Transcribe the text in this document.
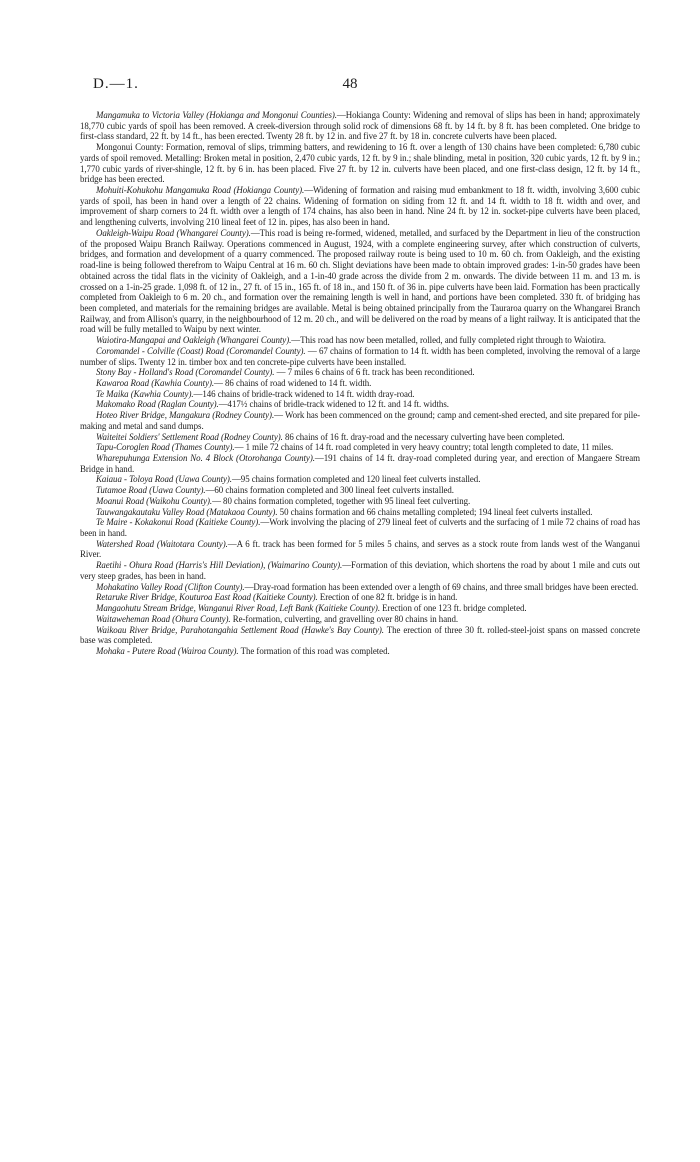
D.—1.	48

Mangamuka to Victoria Valley (Hokianga and Mongonui Counties).—Hokianga County: Widening and removal of slips has been in hand; approximately 18,770 cubic yards of spoil has been removed. A creek-diversion through solid rock of dimensions 68 ft. by 14 ft. by 8 ft. has been completed. One bridge to first-class standard, 22 ft. by 14 ft., has been erected. Twenty 28 ft. by 12 in. and five 27 ft. by 18 in. concrete culverts have been placed.

Mongonui County: Formation, removal of slips, trimming batters, and rewidening to 16 ft. over a length of 130 chains have been completed: 6,780 cubic yards of spoil removed. Metalling: Broken metal in position, 2,470 cubic yards, 12 ft. by 9 in.; shale blinding, metal in position, 320 cubic yards, 12 ft. by 9 in.; 1,770 cubic yards of river-shingle, 12 ft. by 6 in. has been placed. Five 27 ft. by 12 in. culverts have been placed, and one first-class design, 12 ft. by 14 ft., bridge has been erected.

Mohuiti-Kohukohu Mangamuka Road (Hokianga County).—Widening of formation and raising mud embankment to 18 ft. width, involving 3,600 cubic yards of spoil, has been in hand over a length of 22 chains. Widening of formation on siding from 12 ft. and 14 ft. width to 18 ft. width and over, and improvement of sharp corners to 24 ft. width over a length of 174 chains, has also been in hand. Nine 24 ft. by 12 in. socket-pipe culverts have been placed, and lengthening culverts, involving 210 lineal feet of 12 in. pipes, has also been in hand.

Oakleigh-Waipu Road (Whangarei County).—This road is being re-formed, widened, metalled, and surfaced by the Department in lieu of the construction of the proposed Waipu Branch Railway. Operations commenced in August, 1924, with a complete engineering survey, after which construction of culverts, bridges, and formation and development of a quarry commenced. The proposed railway route is being used to 10 m. 60 ch. from Oakleigh, and the existing road-line is being followed therefrom to Waipu Central at 16 m. 60 ch. Slight deviations have been made to obtain improved grades: 1-in-50 grades have been obtained across the tidal flats in the vicinity of Oakleigh, and a 1-in-40 grade across the divide from 2 m. onwards. The divide between 11 m. and 13 m. is crossed on a 1-in-25 grade. 1,098 ft. of 12 in., 27 ft. of 15 in., 165 ft. of 18 in., and 150 ft. of 36 in. pipe culverts have been laid. Formation has been practically completed from Oakleigh to 6 m. 20 ch., and formation over the remaining length is well in hand, and portions have been completed. 330 ft. of bridging has been completed, and materials for the remaining bridges are available. Metal is being obtained principally from the Tauraroa quarry on the Whangarei Branch Railway, and from Allison's quarry, in the neighbourhood of 12 m. 20 ch., and will be delivered on the road by means of a light railway. It is anticipated that the road will be fully metalled to Waipu by next winter.

Waiotira-Mangapai and Oakleigh (Whangarei County).—This road has now been metalled, rolled, and fully completed right through to Waiotira.

Coromandel - Colville (Coast) Road (Coromandel County). — 67 chains of formation to 14 ft. width has been completed, involving the removal of a large number of slips. Twenty 12 in. timber box and ten concrete-pipe culverts have been installed.

Stony Bay - Holland's Road (Coromandel County). — 7 miles 6 chains of 6 ft. track has been reconditioned.

Kawaroa Road (Kawhia County).— 86 chains of road widened to 14 ft. width.

Te Maika (Kawhia County).—146 chains of bridle-track widened to 14 ft. width dray-road.

Makomako Road (Raglan County).—417½ chains of bridle-track widened to 12 ft. and 14 ft. widths.

Hoteo River Bridge, Mangakura (Rodney County).— Work has been commenced on the ground; camp and cement-shed erected, and site prepared for pile-making and metal and sand dumps.

Waiteitei Soldiers' Settlement Road (Rodney County). 86 chains of 16 ft. dray-road and the necessary culverting have been completed.

Tapu-Coroglen Road (Thames County).— 1 mile 72 chains of 14 ft. road completed in very heavy country; total length completed to date, 11 miles.

Wharepuhunga Extension No. 4 Block (Otorohanga County).—191 chains of 14 ft. dray-road completed during year, and erection of Mangaere Stream Bridge in hand.

Kaiaua - Toloya Road (Uawa County).—95 chains formation completed and 120 lineal feet culverts installed.

Tutamoe Road (Uawa County).—60 chains formation completed and 300 lineal feet culverts installed.

Moanui Road (Waikohu County).— 80 chains formation completed, together with 95 lineal feet culverting.

Tauwangakautaku Valley Road (Matakaoa County). 50 chains formation and 66 chains metalling completed; 194 lineal feet culverts installed.

Te Maire - Kokakonui Road (Kaitieke County).—Work involving the placing of 279 lineal feet of culverts and the surfacing of 1 mile 72 chains of road has been in hand.

Watershed Road (Waitotara County).—A 6 ft. track has been formed for 5 miles 5 chains, and serves as a stock route from lands west of the Wanganui River.

Raetihi - Ohura Road (Harris's Hill Deviation), (Waimarino County).—Formation of this deviation, which shortens the road by about 1 mile and cuts out very steep grades, has been in hand.

Mohakatino Valley Road (Clifton County).—Dray-road formation has been extended over a length of 69 chains, and three small bridges have been erected.

Retaruke River Bridge, Kouturoa East Road (Kaitieke County). Erection of one 82 ft. bridge is in hand.

Mangaohutu Stream Bridge, Wanganui River Road, Left Bank (Kaitieke County). Erection of one 123 ft. bridge completed.

Waitaweheman Road (Ohura County). Re-formation, culverting, and gravelling over 80 chains in hand.

Waikoau River Bridge, Parahotangahia Settlement Road (Hawke's Bay County). The erection of three 30 ft. rolled-steel-joist spans on massed concrete base was completed.

Mohaka - Putere Road (Wairoa County). The formation of this road was completed.
